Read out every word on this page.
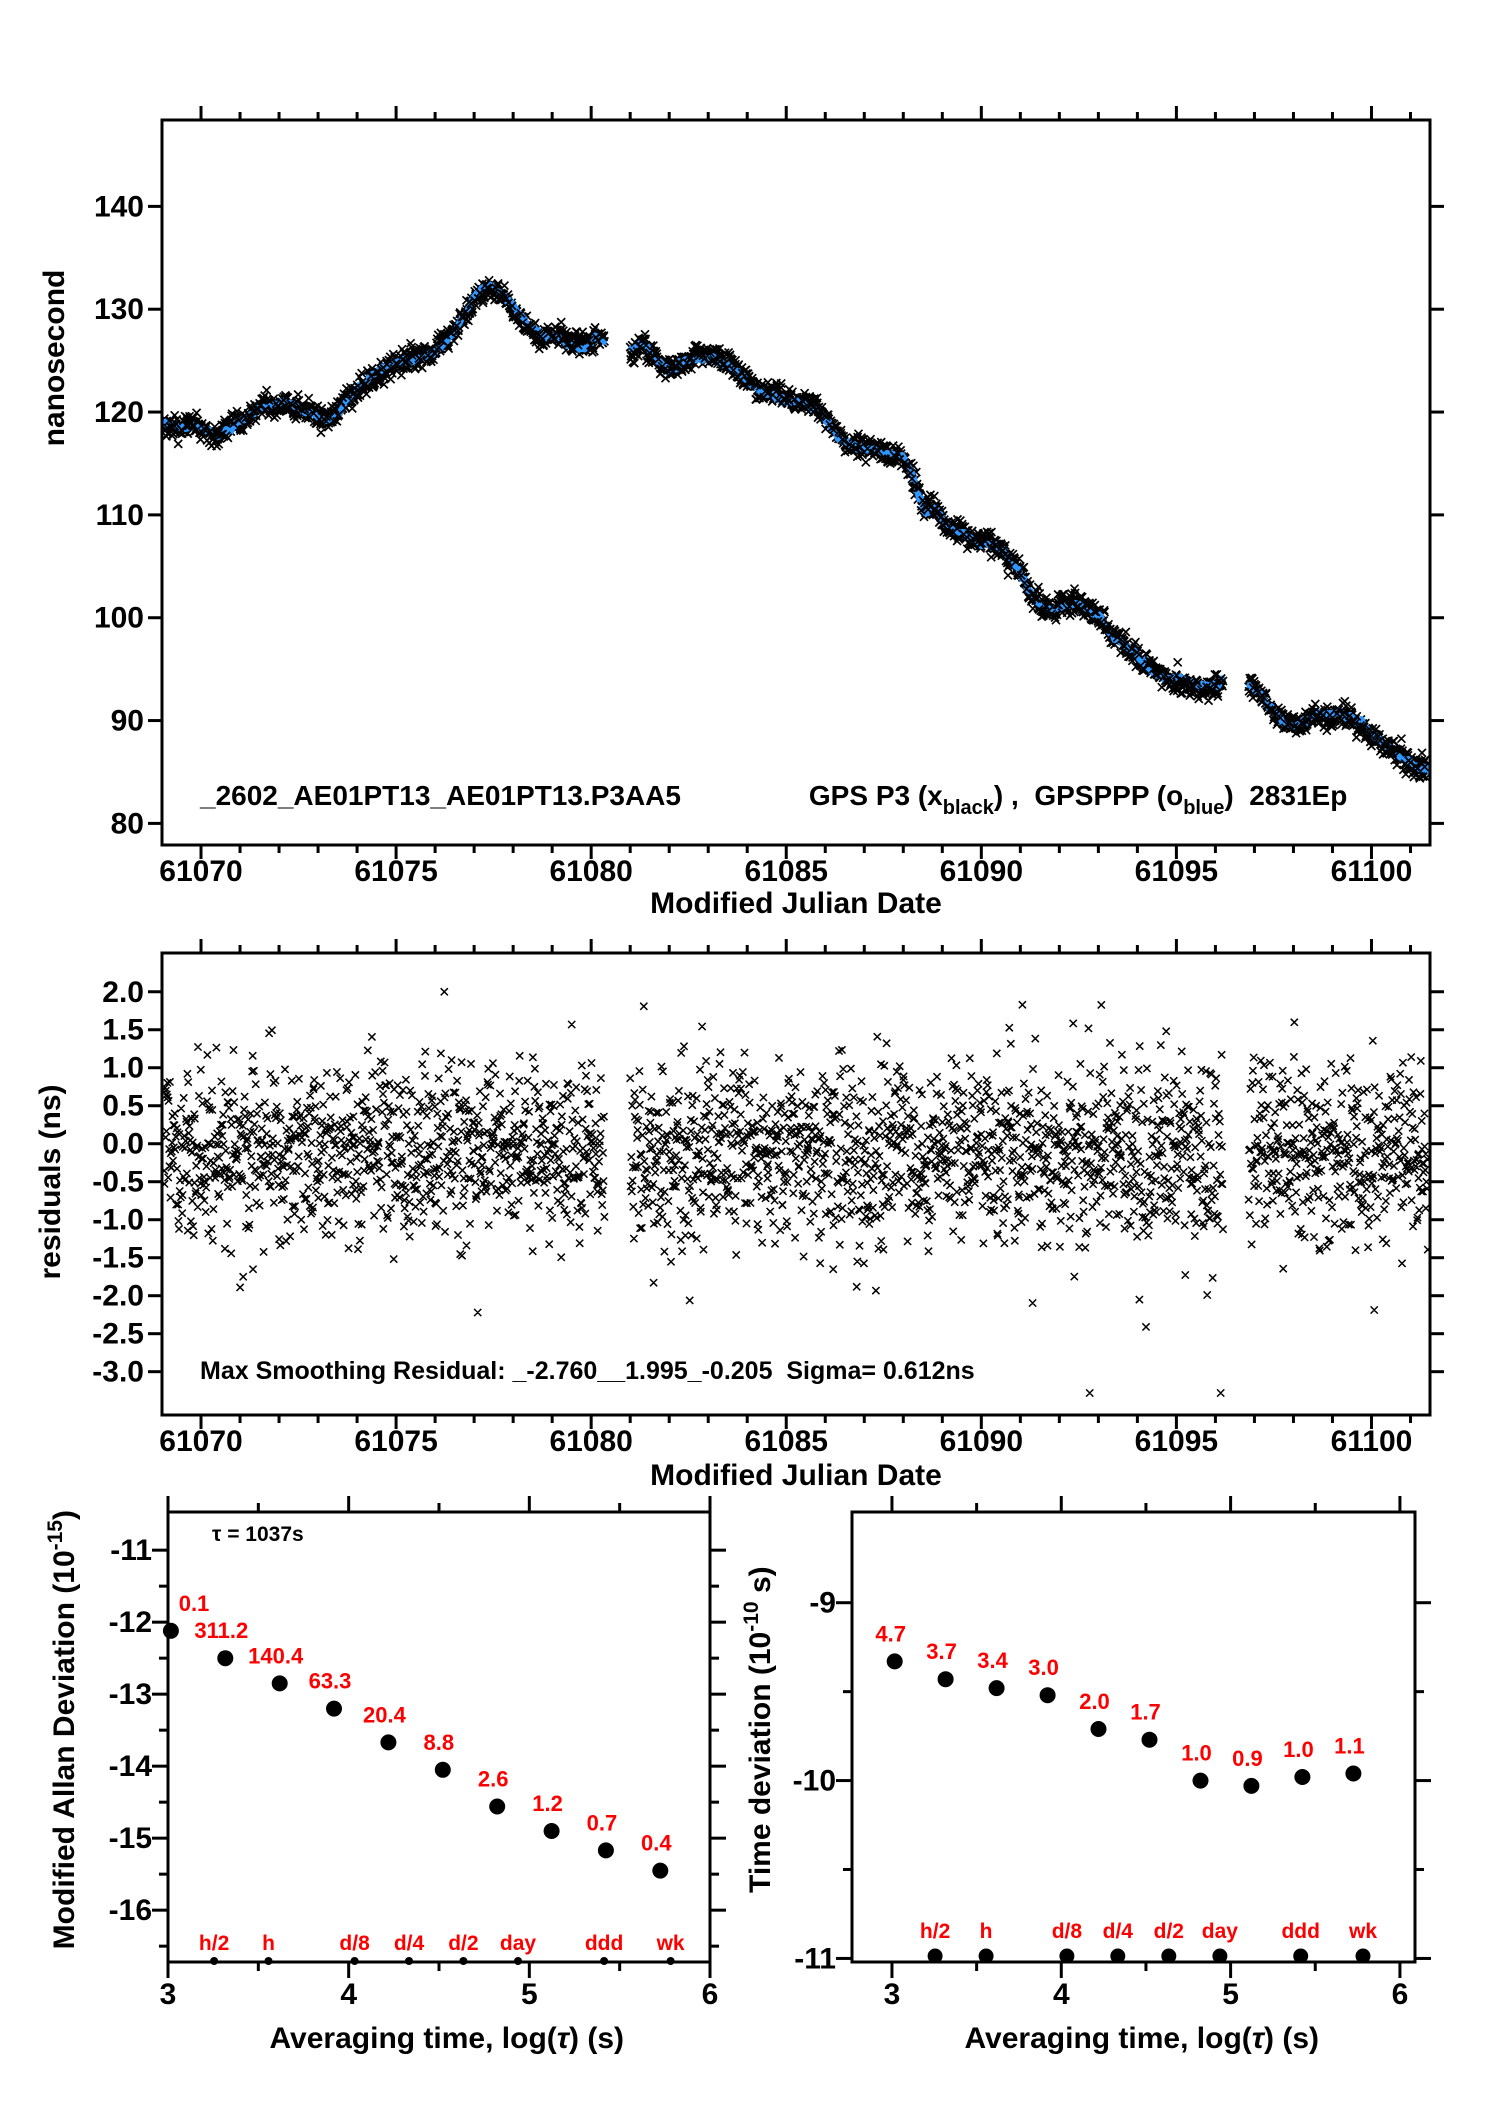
61070	61075	61080	61085	61090	61095	61100
80
90
100
110
120
130
140
61070	61075	61080	61085	61090	61095	61100
2.0
1.5
1.0
0.5
0.0
-0.5
-1.0
-1.5
-2.0
-2.5
-3.0
3	4	5	6
-11
-12
-13
-14
-15
-16
0.1
311.2
140.4
63.3
20.4
8.8
2.6
1.2
0.7
0.4
h/2 h	d/8 d/4 d/2 day ddd wk
3	4	5	6
-9
-10
-11
4.7
3.7 3.4 3.0
2.0 1.7
1.0 0.9 1.0 1.1
h/2 h	d/8 d/4 d/2 day ddd wk
nanosecond
Modified Julian Date
_2602_AE01PT13_AE01PT13.P3AA5	GPS P3 $(x_{black})$ ,  GPSPPP $(o_{blue})$  2831Ep
residuals (ns)
Modified Julian Date
Max Smoothing Residual: _-2.760__1.995_-0.205  Sigma= 0.612ns
Modified Allan Deviation $(10^{-15})$
Averaging time, log(τ) (s)
τ = 1037s
Time deviation ($10^{-10}$ s)
Averaging time, log(τ) (s)
